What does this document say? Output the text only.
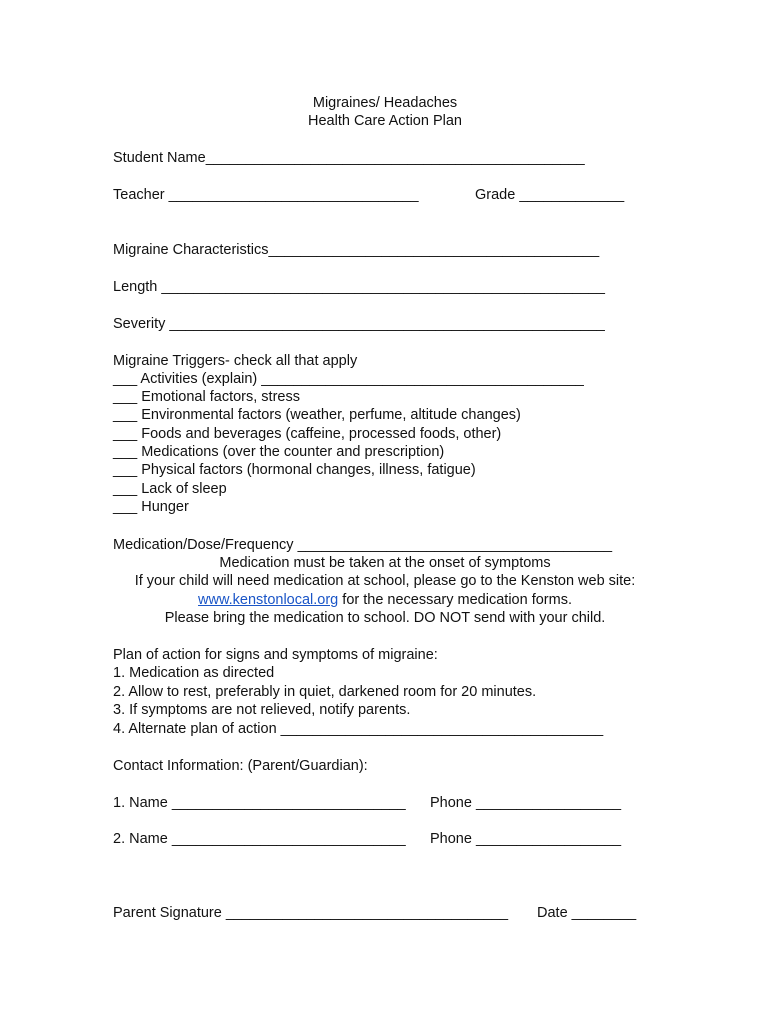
Migraines/ Headaches
Health Care Action Plan
Student Name_______________________________________________
Teacher _______________________________	Grade _____________
Migraine Characteristics_________________________________________
Length _______________________________________________________
Severity ______________________________________________________
Migraine Triggers- check all that apply
___ Activities (explain) ________________________________________
___ Emotional factors, stress
___ Environmental factors (weather, perfume, altitude changes)
___ Foods and beverages (caffeine, processed foods, other)
___ Medications (over the counter and prescription)
___ Physical factors (hormonal changes, illness, fatigue)
___ Lack of sleep
___ Hunger
Medication/Dose/Frequency _______________________________________
Medication must be taken at the onset of symptoms
If your child will need medication at school, please go to the Kenston web site:
www.kenstonlocal.org for the necessary medication forms.
Please bring the medication to school. DO NOT send with your child.
Plan of action for signs and symptoms of migraine:
1. Medication as directed
2. Allow to rest, preferably in quiet, darkened room for 20 minutes.
3. If symptoms are not relieved, notify parents.
4. Alternate plan of action ________________________________________
Contact Information: (Parent/Guardian):
1. Name _____________________________ Phone __________________
2. Name _____________________________ Phone __________________
Parent Signature ___________________________________ Date ________
